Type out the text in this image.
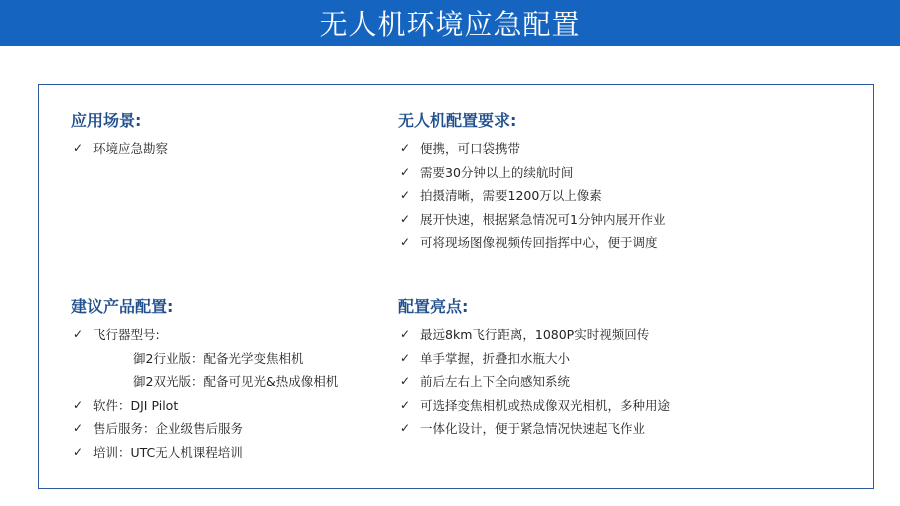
无人机环境应急配置
应用场景:
✓ 环境应急勘察
无人机配置要求:
✓ 便携，可口袋携带
✓ 需要30分钟以上的续航时间
✓ 拍摄清晰，需要1200万以上像素
✓ 展开快速，根据紧急情况可1分钟内展开作业
✓ 可将现场图像视频传回指挥中心，便于调度
建议产品配置:
✓ 飞行器型号:
御2行业版：配备光学变焦相机
御2双光版：配备可见光&热成像相机
✓ 软件：DJI Pilot
✓ 售后服务：企业级售后服务
✓ 培训：UTC无人机课程培训
配置亮点:
✓ 最远8km飞行距离，1080P实时视频回传
✓ 单手掌握，折叠扣水瓶大小
✓ 前后左右上下全向感知系统
✓ 可选择变焦相机或热成像双光相机，多种用途
✓ 一体化设计，便于紧急情况快速起飞作业
